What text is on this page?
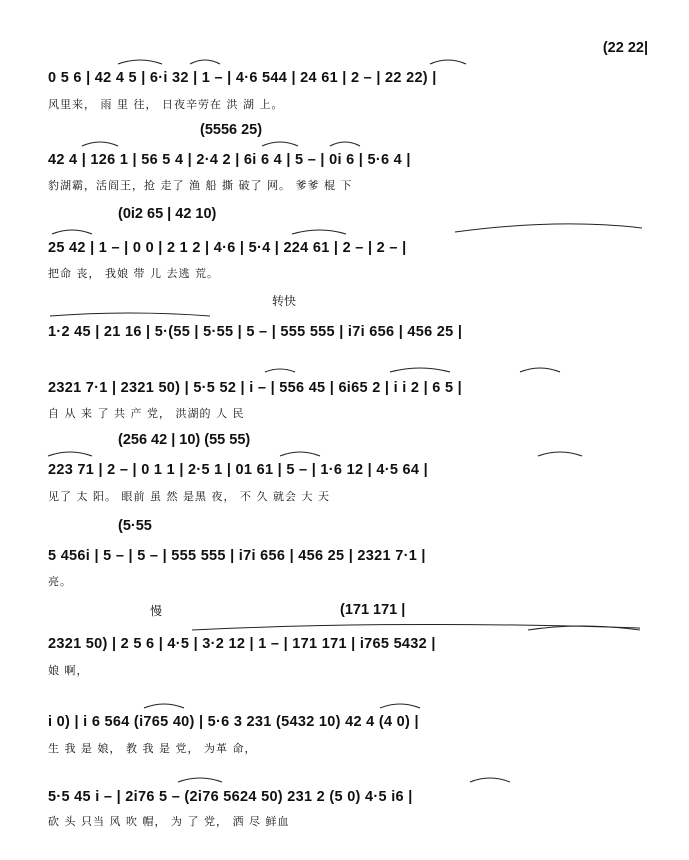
(22 22|
0 5 6 | 42 4 5 | 6·i 32 | 1 – | 4·6 544 | 24 61 | 2 – | 22 22) |
风里来， 雨 里 往， 日夜辛劳在 洪 湖 上。
(5556 25)
42 4 | 126 1 | 56 5 4 | 2·4 2 | 6i 6 4 | 5 – | 0i 6 | 5·6 4 |
豹湖霸，活阎王，抢 走了 渔 船 撕 破了 网。 爹爹 棍 下
(0i2 65 | 42 10)
25 42 | 1 – | 0 0 | 2 1 2 | 4·6 | 5·4 | 224 61 | 2 – | 2 – |
把命 丧， 我娘 带 儿 去逃 荒。
转快
1·2 45 | 21 16 | 5·(55 | 5·55 | 5 – | 555 555 | i7i 656 | 456 25 |
2321 7·1 | 2321 50) | 5·5 52 | i – | 556 45 | 6i65 2 | i i 2 | 6 5 |
自 从 来 了 共 产 党， 洪湖的 人 民
(256 42 | 10) (55 55)
223 71 | 2 – | 0 1 1 | 2·5 1 | 01 61 | 5 – | 1·6 12 | 4·5 64 |
见了 太 阳。 眼前 虽 然 是黑 夜， 不 久 就会 大 天
(5·55
5 456i | 5 – | 5 – | 555 555 | i7i 656 | 456 25 | 2321 7·1 |
亮。
慢	(171 171 |
2321 50) | 2 5 6 | 4·5 | 3·2 12 | 1 – | 171 171 | i765 5432 |
娘 啊，
i 0) | i 6 564 (i765 40) | 5·6 3 231 (5432 10) 42 4 (4 0) |
生 我 是 娘， 教 我 是 党， 为革 命，
5·5 45 i – | 2i76 5 – (2i76 5624 50) 231 2 (5 0) 4·5 i6 |
砍 头 只当 风 吹 帽， 为 了 党， 洒 尽 鲜血
